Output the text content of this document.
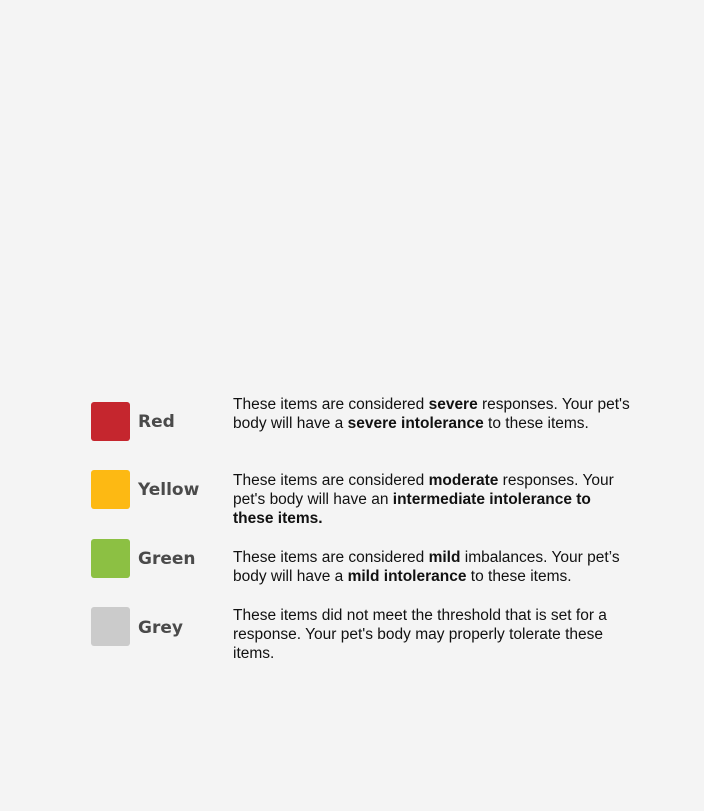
Red
These items are considered severe responses. Your pet's body will have a severe intolerance to these items.
Yellow These items are considered moderate responses. Your pet's body will have an intermediate intolerance to these items.
Green These items are considered mild imbalances. Your pet’s body will have a mild intolerance to these items.
Grey
These items did not meet the threshold that is set for a response. Your pet's body may properly tolerate these items.
